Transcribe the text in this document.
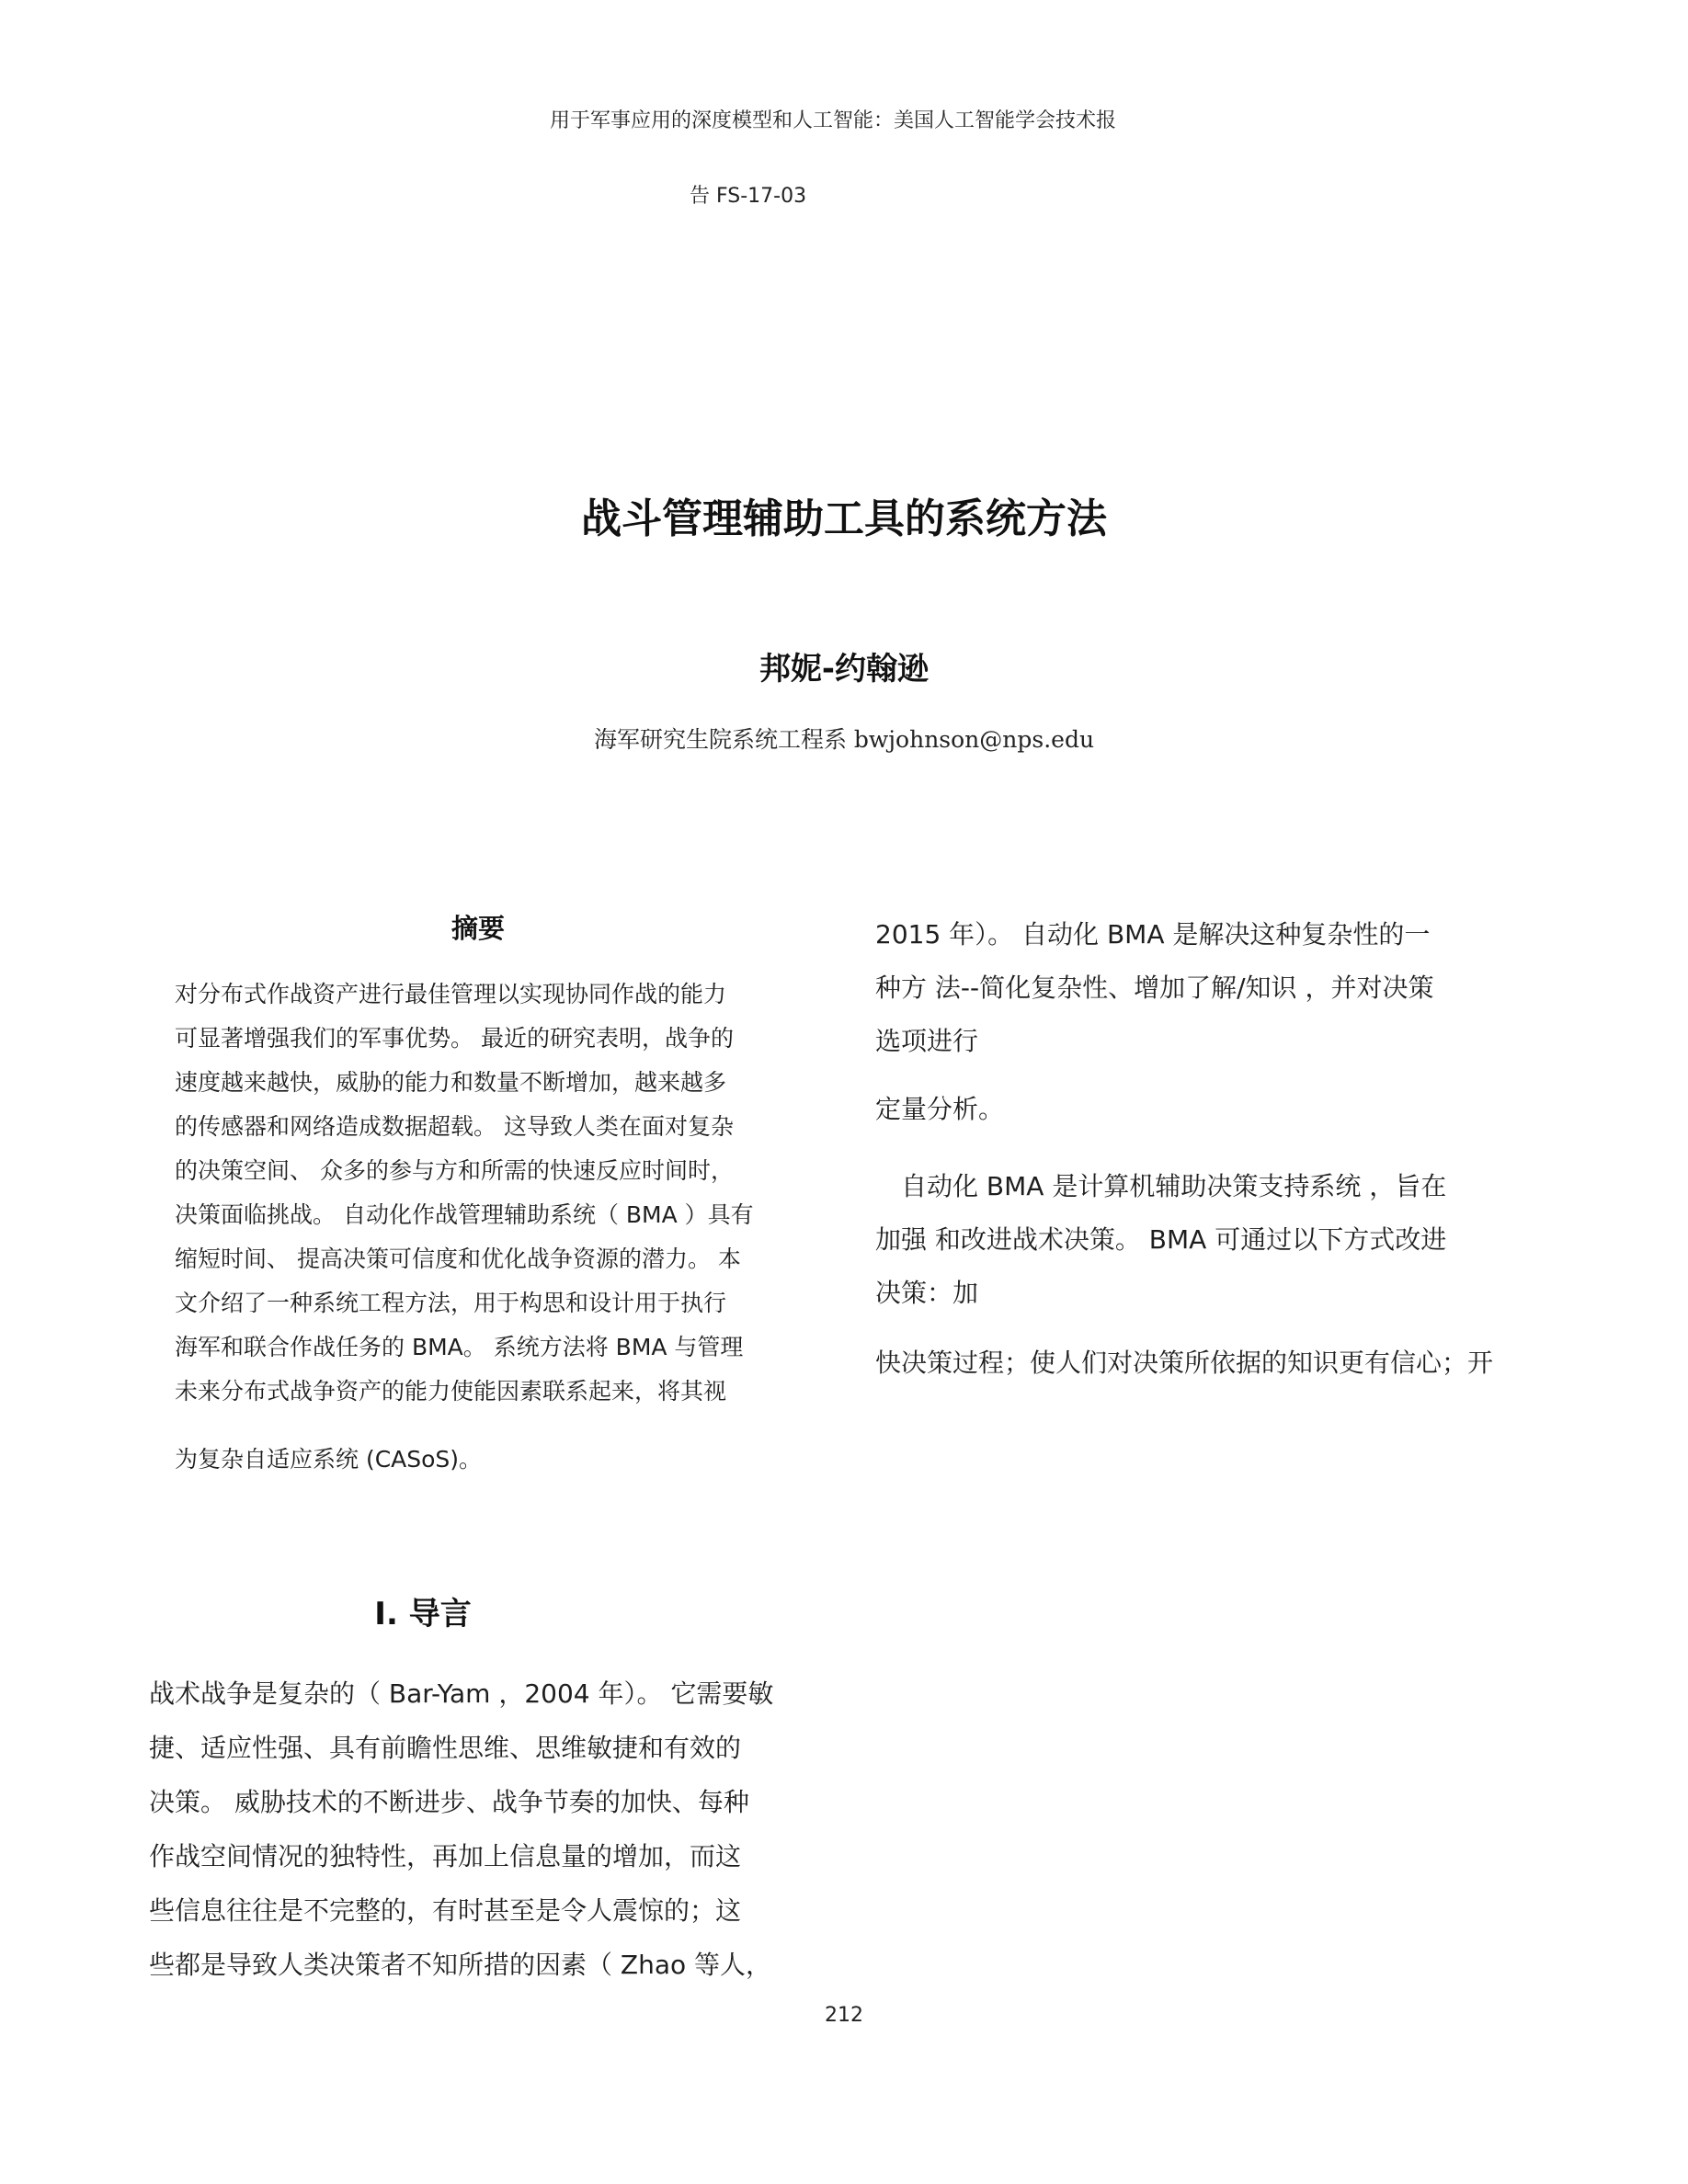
用于军事应用的深度模型和人工智能：美国人工智能学会技术报
告 FS-17-03
战斗管理辅助工具的系统方法
邦妮-约翰逊
海军研究生院系统工程系 bwjohnson@nps.edu
摘要
对分布式作战资产进行最佳管理以实现协同作战的能力
可显著增强我们的军事优势。 最近的研究表明，战争的
速度越来越快，威胁的能力和数量不断增加，越来越多
的传感器和网络造成数据超载。 这导致人类在面对复杂
的决策空间、 众多的参与方和所需的快速反应时间时，
决策面临挑战。 自动化作战管理辅助系统（ BMA ）具有
缩短时间、 提高决策可信度和优化战争资源的潜力。 本
文介绍了一种系统工程方法，用于构思和设计用于执行
海军和联合作战任务的 BMA。 系统方法将 BMA 与管理
未来分布式战争资产的能力使能因素联系起来，将其视
为复杂自适应系统 (CASoS)。
I. 导言
战术战争是复杂的（ Bar-Yam ，2004 年）。 它需要敏
捷、适应性强、具有前瞻性思维、思维敏捷和有效的
决策。 威胁技术的不断进步、战争节奏的加快、每种
作战空间情况的独特性，再加上信息量的增加，而这
些信息往往是不完整的，有时甚至是令人震惊的；这
些都是导致人类决策者不知所措的因素（ Zhao 等人，
2015 年）。 自动化 BMA 是解决这种复杂性的一
种方 法--简化复杂性、增加了解/知识 ，并对决策
选项进行
定量分析。
　自动化 BMA 是计算机辅助决策支持系统 ，旨在
加强 和改进战术决策。 BMA 可通过以下方式改进
决策：加
快决策过程；使人们对决策所依据的知识更有信心；开
212
